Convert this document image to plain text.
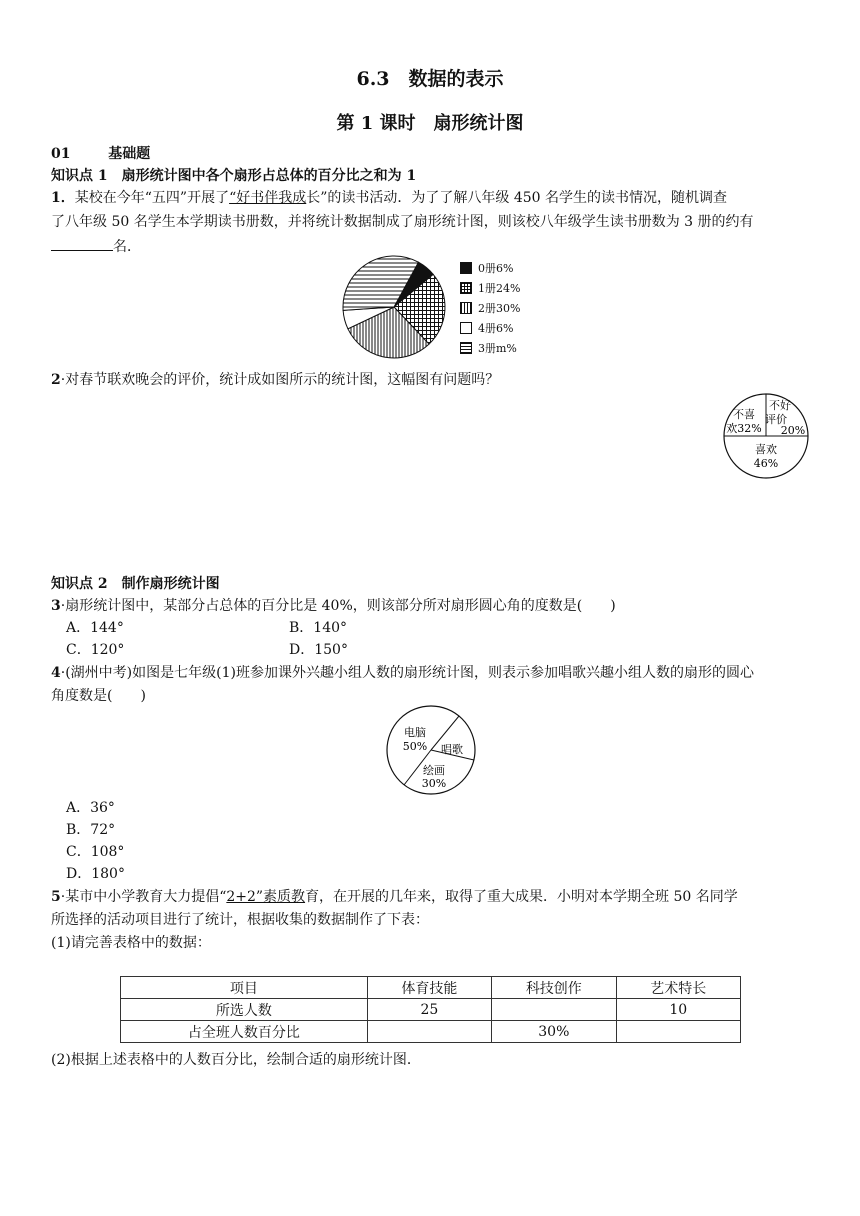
6.3　数据的表示
第 1 课时　扇形统计图
01	基础题
知识点 1　扇形统计图中各个扇形占总体的百分比之和为 1
1．某校在今年“五四”开展了“好书伴我成长”的读书活动．为了了解八年级 450 名学生的读书情况，随机调查
了八年级 50 名学生本学期读书册数，并将统计数据制成了扇形统计图，则该校八年级学生读书册数为 3 册的约有
名．
0册6%
1册24%
2册30%
4册6%
3册m%
2·对春节联欢晚会的评价，统计成如图所示的统计图，这幅图有问题吗？
不喜
欢32%
不好
评价
20%
喜欢
46%
知识点 2　制作扇形统计图
3·扇形统计图中，某部分占总体的百分比是 40%，则该部分所对扇形圆心角的度数是(　　)
A．144°	B．140°
C．120°	D．150°
4·(湖州中考)如图是七年级(1)班参加课外兴趣小组人数的扇形统计图，则表示参加唱歌兴趣小组人数的扇形的圆心
角度数是(　　)
电脑
50% 唱歌
绘画
30%
A．36°
B．72°
C．108°
D．180°
5·某市中小学教育大力提倡“2+2”素质教育，在开展的几年来，取得了重大成果．小明对本学期全班 50 名同学
所选择的活动项目进行了统计，根据收集的数据制作了下表：
(1)请完善表格中的数据：
项目	体育技能	科技创作	艺术特长
所选人数	25		10
占全班人数百分比		30%	
(2)根据上述表格中的人数百分比，绘制合适的扇形统计图．
